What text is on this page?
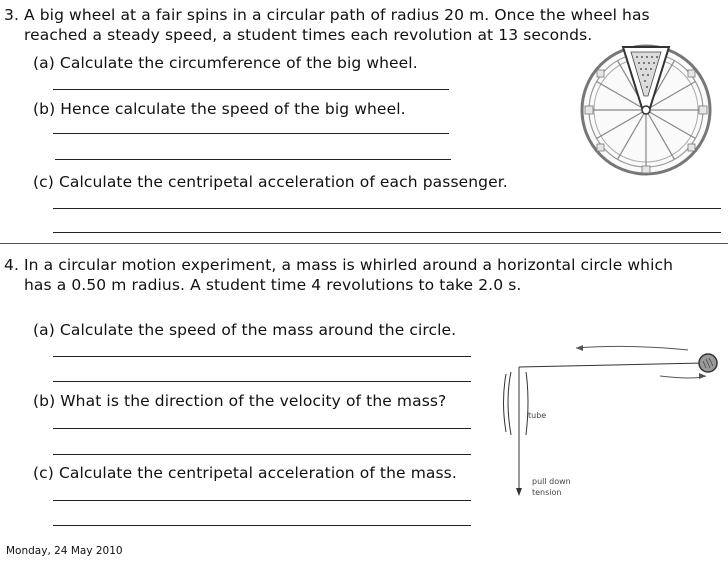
3. A big wheel at a fair spins in a circular path of radius 20 m. Once the wheel has
reached a steady speed, a student times each revolution at 13 seconds.
(a) Calculate the circumference of the big wheel.
(b) Hence calculate the speed of the big wheel.
(c) Calculate the centripetal acceleration of each passenger.
4. In a circular motion experiment, a mass is whirled around a horizontal circle which
has a 0.50 m radius. A student time 4 revolutions to take 2.0 s.
(a) Calculate the speed of the mass around the circle.
(b) What is the direction of the velocity of the mass?
(c) Calculate the centripetal acceleration of the mass.
tube
pull down
tension
Monday, 24 May 2010
